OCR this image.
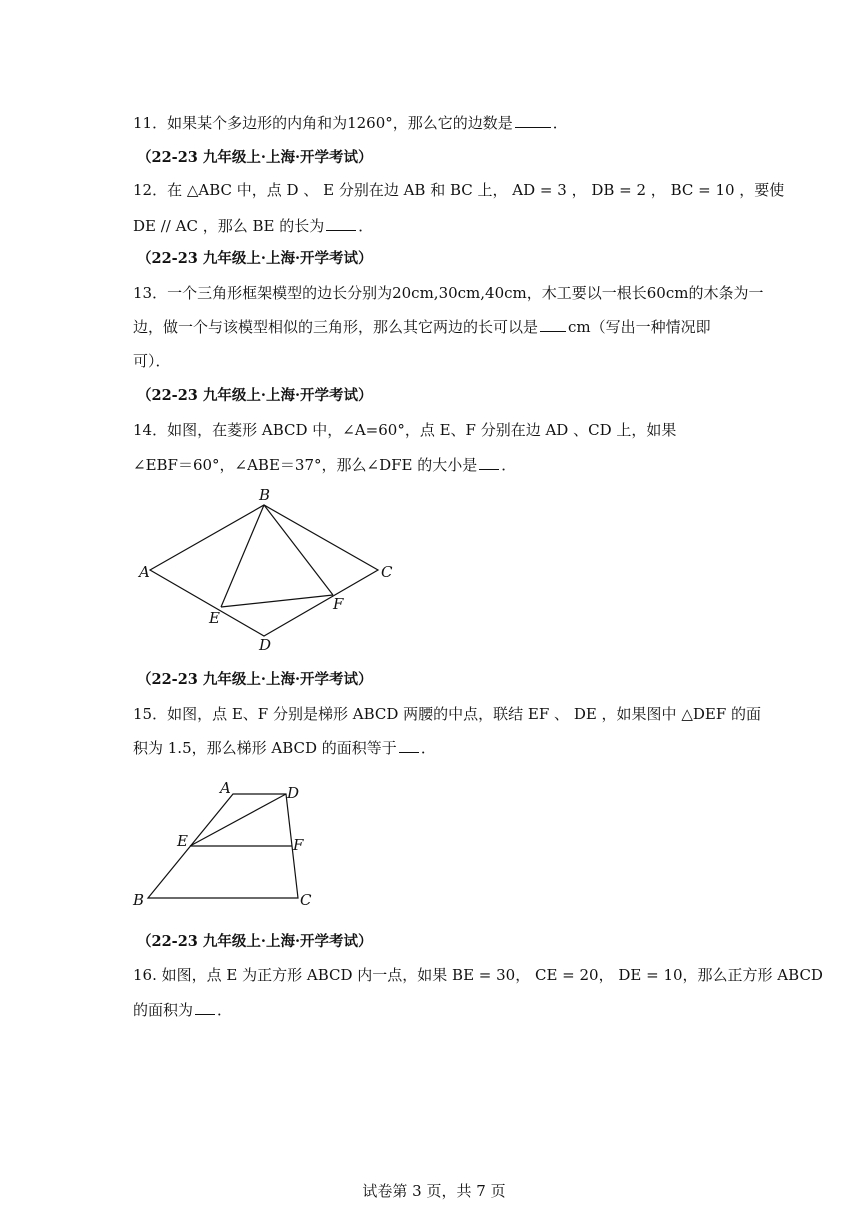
11．如果某个多边形的内角和为1260°，那么它的边数是	．
（22-23 九年级上·上海·开学考试）
12．在 △ABC 中，点 D 、 E 分别在边 AB 和 BC 上， AD = 3 ， DB = 2 ， BC = 10 ，要使
DE // AC ，那么 BE 的长为 ．
（22-23 九年级上·上海·开学考试）
13．一个三角形框架模型的边长分别为20cm,30cm,40cm，木工要以一根长60cm的木条为一
边，做一个与该模型相似的三角形，那么其它两边的长可以是 cm（写出一种情况即
可）．
（22-23 九年级上·上海·开学考试）
14．如图，在菱形 ABCD 中，∠A=60°，点 E、F 分别在边 AD 、CD 上，如果
∠EBF＝60°，∠ABE＝37°，那么∠DFE 的大小是 ．
B
A	C
E
F
D
A	D
E	F
B	C
（22-23 九年级上·上海·开学考试）
15．如图，点 E、F 分别是梯形 ABCD 两腰的中点，联结 EF 、 DE ，如果图中 △DEF 的面
积为 1.5，那么梯形 ABCD 的面积等于 ．
（22-23 九年级上·上海·开学考试）
16. 如图，点 E 为正方形 ABCD 内一点，如果 BE = 30， CE = 20， DE = 10，那么正方形 ABCD
的面积为 ．
试卷第 3 页，共 7 页
